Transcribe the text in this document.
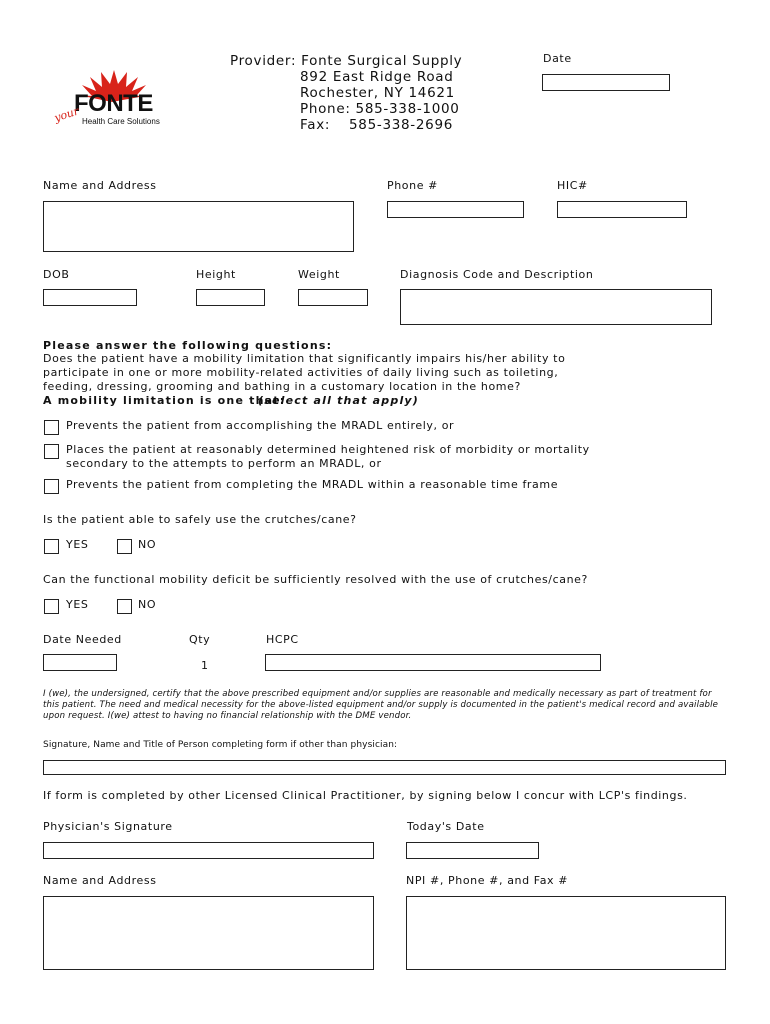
FONTE
your Health Care Solutions
Provider: Fonte Surgical Supply
892 East Ridge Road
Rochester, NY 14621
Phone: 585-338-1000
Fax: 585-338-2696
Date
Name and Address	Phone #	HIC#
DOB	Height	Weight	Diagnosis Code and Description
Please answer the following questions:
Does the patient have a mobility limitation that significantly impairs his/her ability to participate in one or more mobility-related activities of daily living such as toileting, feeding, dressing, grooming and bathing in a customary location in the home?
A mobility limitation is one that:
(select all that apply)
Prevents the patient from accomplishing the MRADL entirely, or
Places the patient at reasonably determined heightened risk of morbidity or mortality
secondary to the attempts to perform an MRADL, or
Prevents the patient from completing the MRADL within a reasonable time frame
Is the patient able to safely use the crutches/cane?
YES	NO
Can the functional mobility deficit be sufficiently resolved with the use of crutches/cane?
YES	NO
Date Needed	Qty	HCPC
1
I (we), the undersigned, certify that the above prescribed equipment and/or supplies are reasonable and medically necessary as part of treatment for this patient. The need and medical necessity for the above-listed equipment and/or supply is documented in the patient's medical record and available upon request. I(we) attest to having no financial relationship with the DME vendor.
Signature, Name and Title of Person completing form if other than physician:
If form is completed by other Licensed Clinical Practitioner, by signing below I concur with LCP's findings.
Physician's Signature	Today's Date
Name and Address	NPI #, Phone #, and Fax #
